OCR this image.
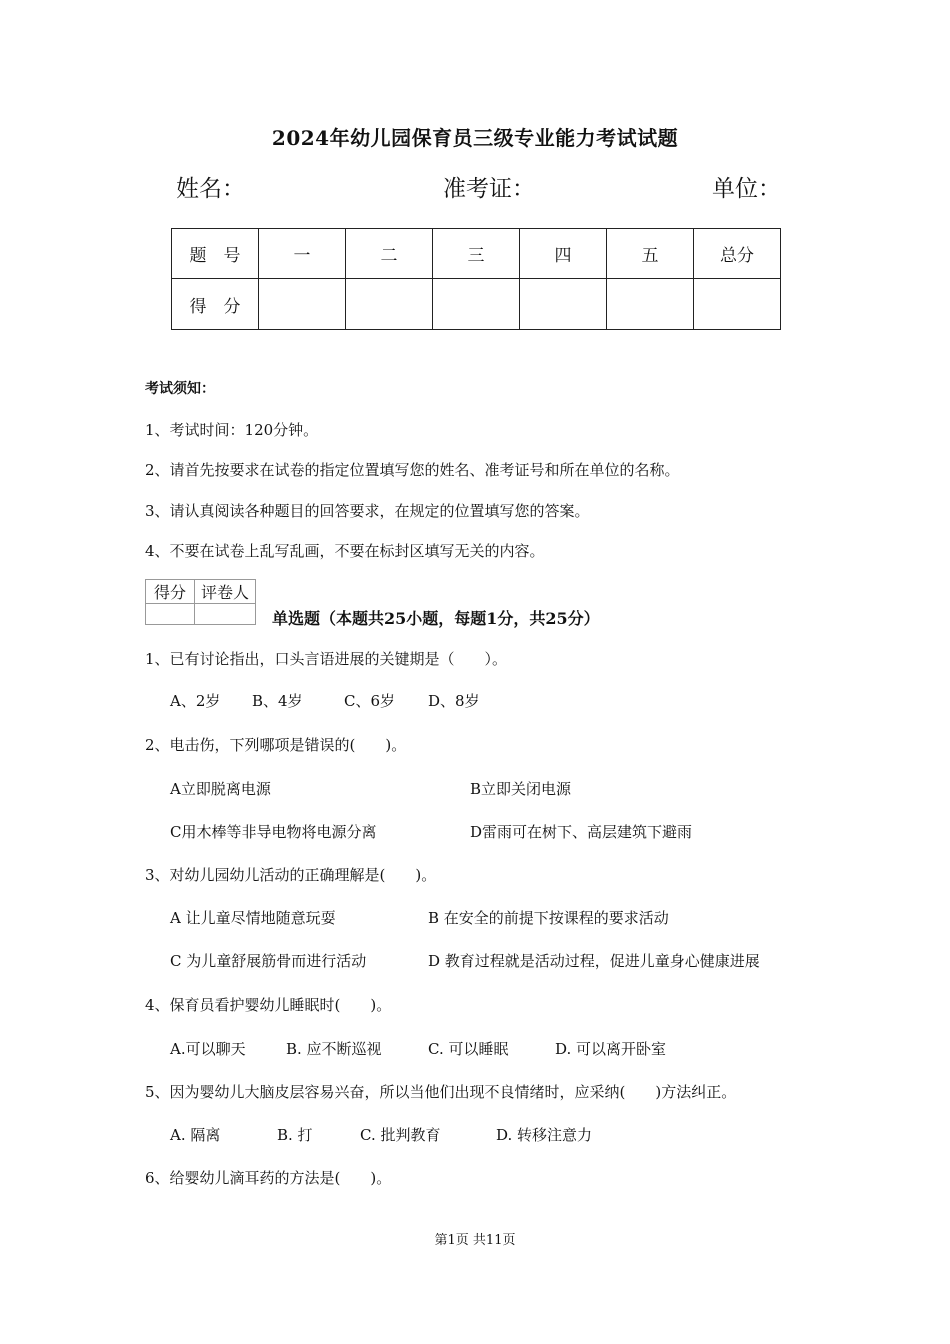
2024年幼儿园保育员三级专业能力考试试题
姓名：	准考证：	单位：
题　号	一	二	三	四	五	总分
得　分						
考试须知：
1、考试时间：120分钟。
2、请首先按要求在试卷的指定位置填写您的姓名、准考证号和所在单位的名称。
3、请认真阅读各种题目的回答要求，在规定的位置填写您的答案。
4、不要在试卷上乱写乱画，不要在标封区填写无关的内容。
得分	评卷人

单选题（本题共25小题，每题1分，共25分）
1、已有讨论指出，口头言语进展的关键期是（　　）。
A、2岁 B、4岁	C、6岁 D、8岁
2、电击伤，下列哪项是错误的(　　)。
A立即脱离电源	B立即关闭电源
C用木棒等非导电物将电源分离	D雷雨可在树下、高层建筑下避雨
3、对幼儿园幼儿活动的正确理解是(　　)。
A 让儿童尽情地随意玩耍	B 在安全的前提下按课程的要求活动
C 为儿童舒展筋骨而进行活动	D 教育过程就是活动过程，促进儿童身心健康进展
4、保育员看护婴幼儿睡眠时(　　)。
A.可以聊天	B. 应不断巡视	C. 可以睡眠	D. 可以离开卧室
5、因为婴幼儿大脑皮层容易兴奋，所以当他们出现不良情绪时，应采纳(　　)方法纠正。
A. 隔离	B. 打	C. 批判教育	D. 转移注意力
6、给婴幼儿滴耳药的方法是(　　)。
第1页 共11页
